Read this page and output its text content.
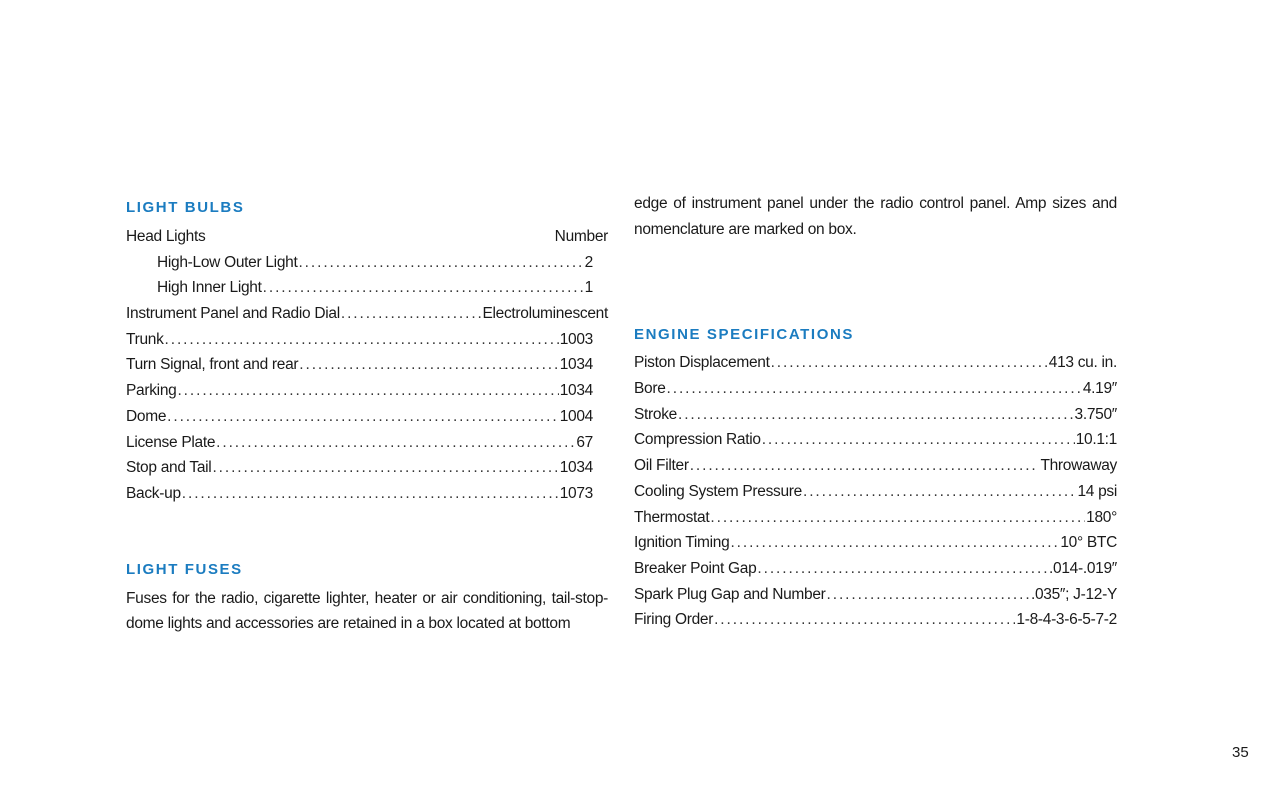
LIGHT BULBS
Head Lights	Number
High-Low Outer Light . . .	2
High Inner Light . . .	1
Instrument Panel and Radio Dial . . .	Electroluminescent
Trunk . . .	1003
Turn Signal, front and rear . . .	1034
Parking . . .	1034
Dome . . .	1004
License Plate . . .	67
Stop and Tail . . .	1034
Back-up . . .	1073
LIGHT FUSES

Fuses for the radio, cigarette lighter, heater or air conditioning, tail-stop-dome lights and accessories are retained in a box located at bottom

edge of instrument panel under the radio control panel. Amp sizes and nomenclature are marked on box.

ENGINE SPECIFICATIONS
Piston Displacement . . .	413 cu. in.
Bore . . .	4.19″
Stroke . . .	3.750″
Compression Ratio . . .	10.1:1
Oil Filter . . .	Throwaway
Cooling System Pressure . . .	14 psi
Thermostat . . .	180°
Ignition Timing . . .	10° BTC
Breaker Point Gap . . .	.014-.019″
Spark Plug Gap and Number . . .	.035″; J-12-Y
Firing Order . . .	1-8-4-3-6-5-7-2
35
